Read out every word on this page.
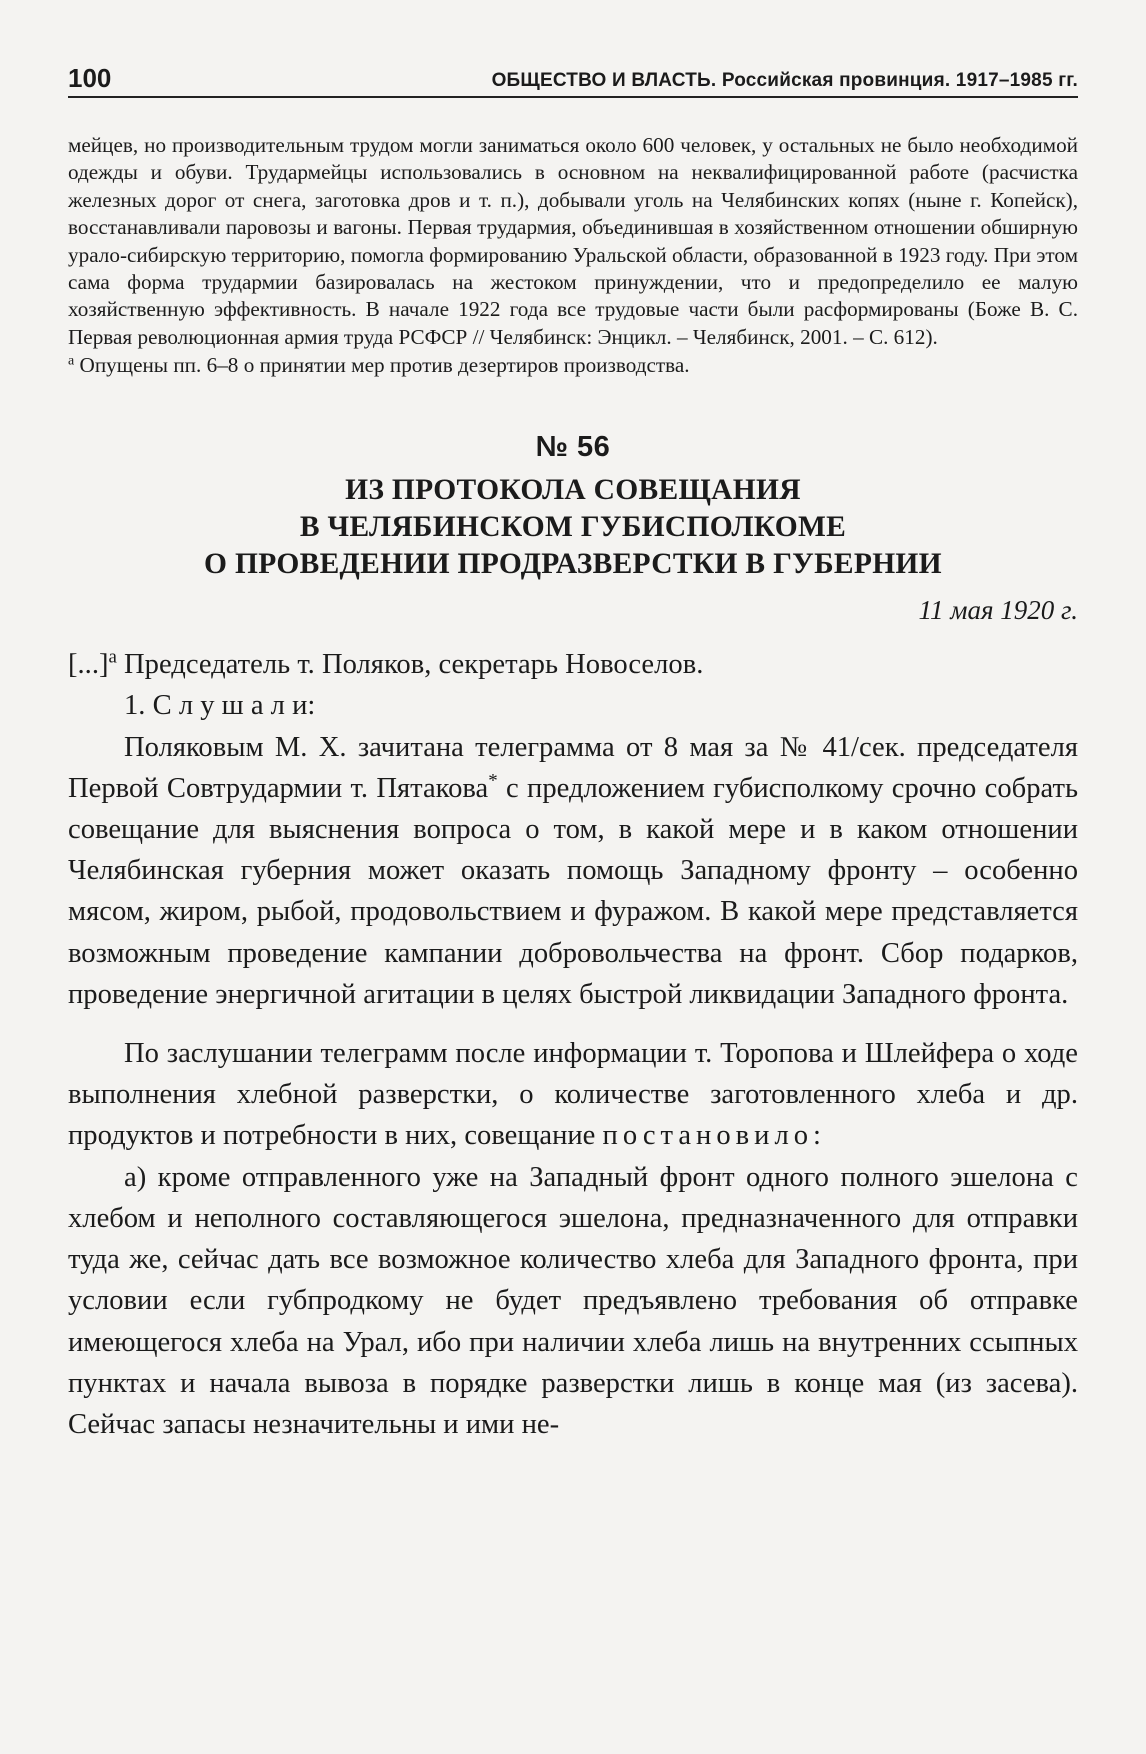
100	ОБЩЕСТВО И ВЛАСТЬ. Российская провинция. 1917–1985 гг.

мейцев, но производительным трудом могли заниматься около 600 человек, у остальных не было необходимой одежды и обуви. Трудармейцы использовались в основном на неквалифицированной работе (расчистка железных дорог от снега, заготовка дров и т. п.), добывали уголь на Челябинских копях (ныне г. Копейск), восстанавливали паровозы и вагоны. Первая трудармия, объединившая в хозяйственном отношении обширную урало-сибирскую территорию, помогла формированию Уральской области, образованной в 1923 году. При этом сама форма трудармии базировалась на жестоком принуждении, что и предопределило ее малую хозяйственную эффективность. В начале 1922 года все трудовые части были расформированы (Боже В. С. Первая революционная армия труда РСФСР // Челябинск: Энцикл. – Челябинск, 2001. – С. 612).

$^а$ Опущены пп. 6–8 о принятии мер против дезертиров производства.

№ 56
ИЗ ПРОТОКОЛА СОВЕЩАНИЯ
В ЧЕЛЯБИНСКОМ ГУБИСПОЛКОМЕ
О ПРОВЕДЕНИИ ПРОДРАЗВЕРСТКИ В ГУБЕРНИИ
11 мая 1920 г.

[...]$^а$ Председатель т. Поляков, секретарь Новоселов.

1. С л у ш а л и:

Поляковым М. Х. зачитана телеграмма от 8 мая за № 41/сек. председателя Первой Совтрудармии т. Пятакова* с предложением губисполкому срочно собрать совещание для выяснения вопроса о том, в какой мере и в каком отношении Челябинская губерния может оказать помощь Западному фронту – особенно мясом, жиром, рыбой, продовольствием и фуражом. В какой мере представляется возможным проведение кампании добровольчества на фронт. Сбор подарков, проведение энергичной агитации в целях быстрой ликвидации Западного фронта.

По заслушании телеграмм после информации т. Торопова и Шлейфера о ходе выполнения хлебной разверстки, о количестве заготовленного хлеба и др. продуктов и потребности в них, совещание постановило:

а) кроме отправленного уже на Западный фронт одного полного эшелона с хлебом и неполного составляющегося эшелона, предназначенного для отправки туда же, сейчас дать все возможное количество хлеба для Западного фронта, при условии если губпродкому не будет предъявлено требования об отправке имеющегося хлеба на Урал, ибо при наличии хлеба лишь на внутренних ссыпных пунктах и начала вывоза в порядке разверстки лишь в конце мая (из засева). Сейчас запасы незначительны и ими не-
